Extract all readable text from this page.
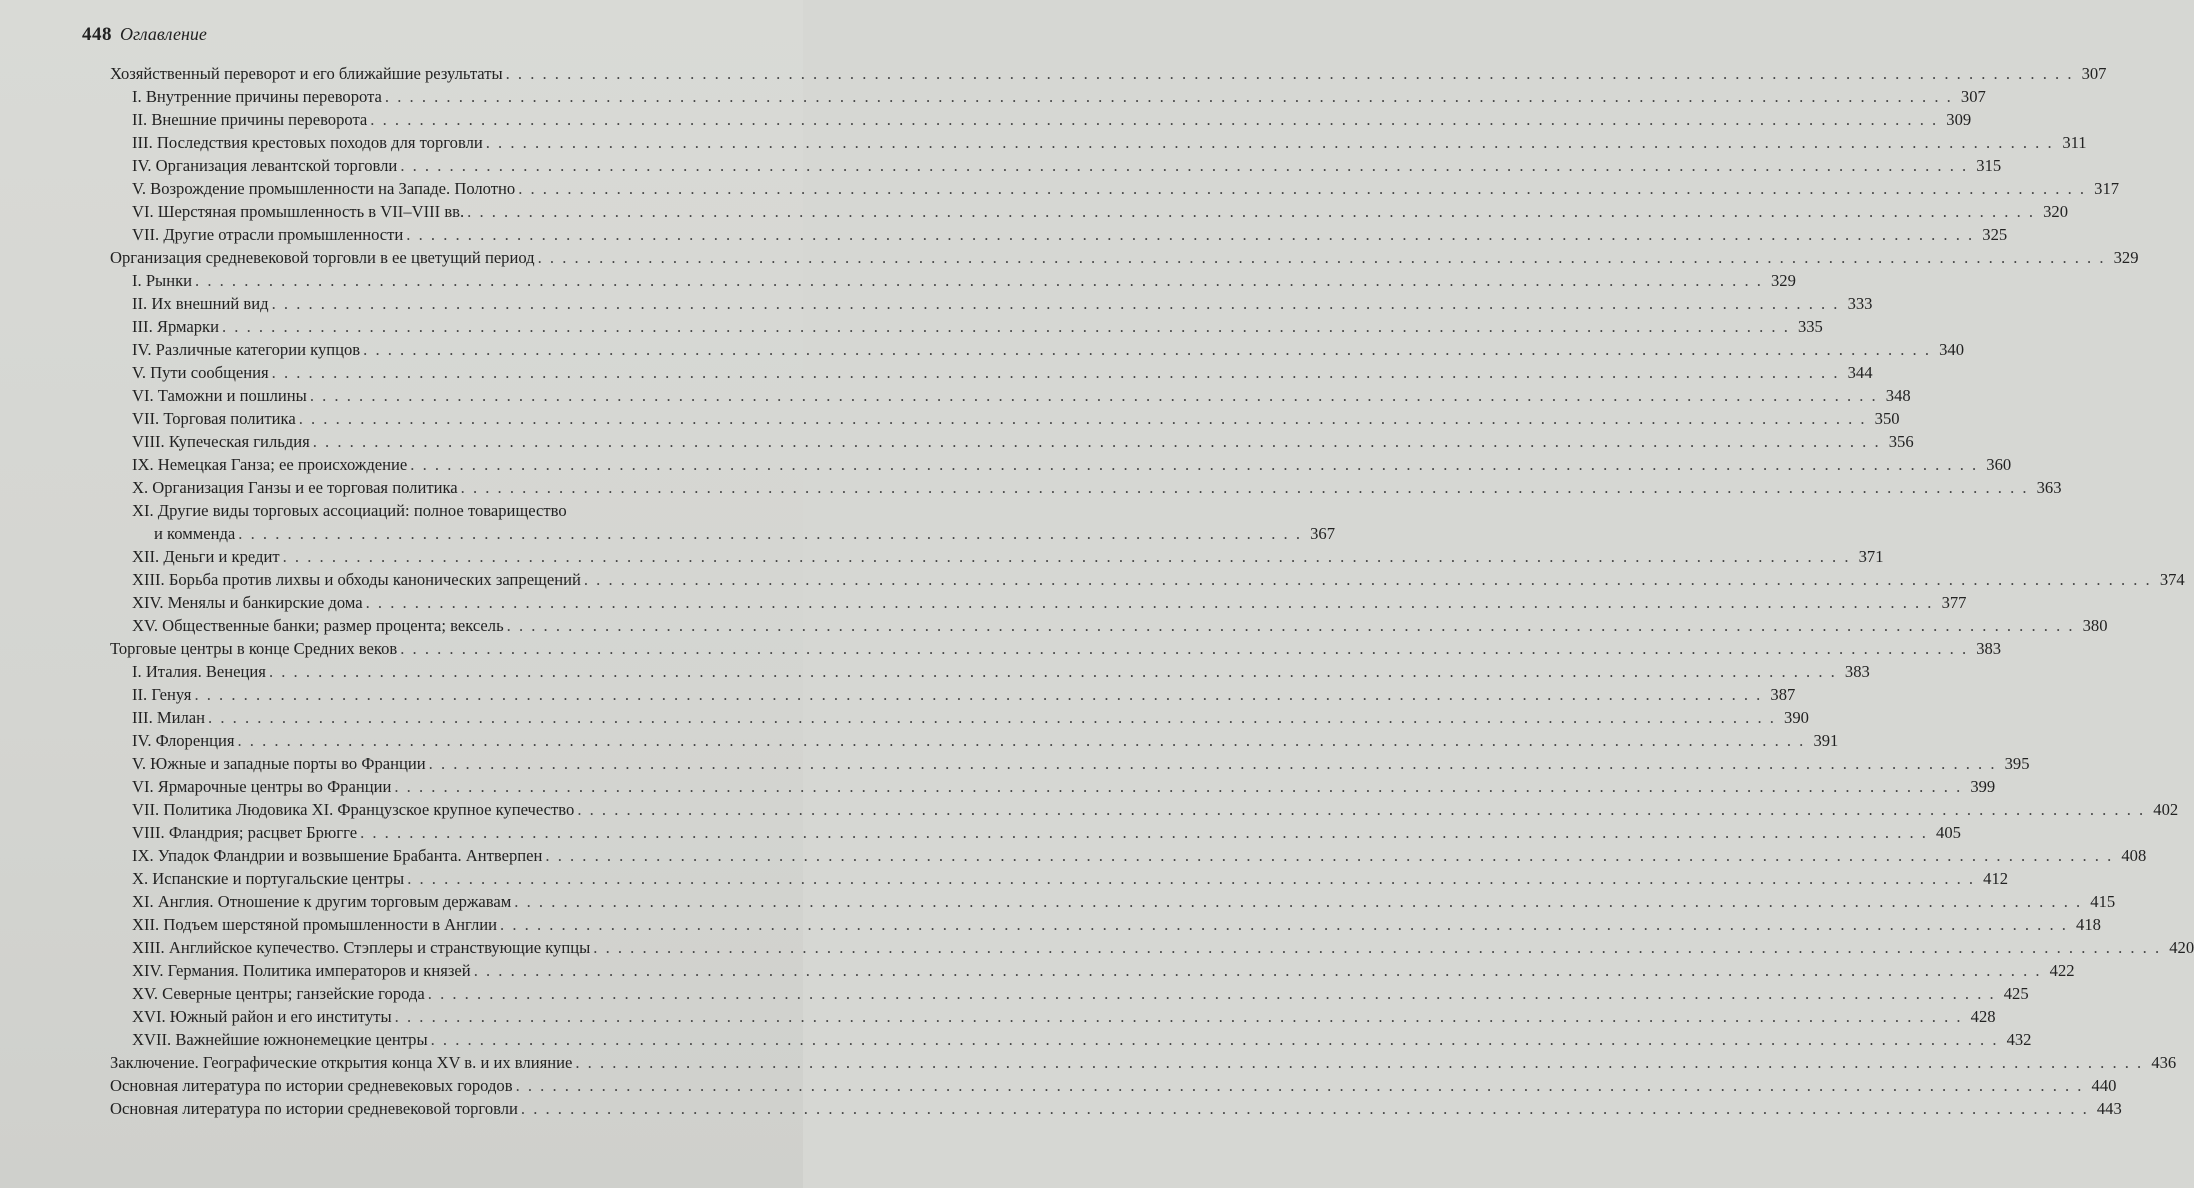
448 Оглавление
Хозяйственный переворот и его ближайшие результаты . . .	307
I. Внутренние причины переворота . . .	307
II. Внешние причины переворота . . .	309
III. Последствия крестовых походов для торговли . . .	311
IV. Организация левантской торговли . . .	315
V. Возрождение промышленности на Западе. Полотно . . .	317
VI. Шерстяная промышленность в VII–VIII вв. . . .	320
VII. Другие отрасли промышленности . . .	325
Организация средневековой торговли в ее цветущий период . . .	329
I. Рынки . . .	329
II. Их внешний вид . . .	333
III. Ярмарки . . .	335
IV. Различные категории купцов . . .	340
V. Пути сообщения . . .	344
VI. Таможни и пошлины . . .	348
VII. Торговая политика . . .	350
VIII. Купеческая гильдия . . .	356
IX. Немецкая Ганза; ее происхождение . . .	360
X. Организация Ганзы и ее торговая политика . . .	363
XI. Другие виды торговых ассоциаций: полное товарищество
и коммендa . . .	367
XII. Деньги и кредит . . .	371
XIII. Борьба против лихвы и обходы канонических запрещений . . .	374
XIV. Менялы и банкирские дома . . .	377
XV. Общественные банки; размер процента; вексель . . .	380
Торговые центры в конце Средних веков . . .	383
I. Италия. Венеция . . .	383
II. Генуя . . .	387
III. Милан . . .	390
IV. Флоренция . . .	391
V. Южные и западные порты во Франции . . .	395
VI. Ярмарочные центры во Франции . . .	399
VII. Политика Людовика XI. Французское крупное купечество . . .	402
VIII. Фландрия; расцвет Брюгге . . .	405
IX. Упадок Фландрии и возвышение Брабанта. Антверпен . . .	408
X. Испанские и португальские центры . . .	412
XI. Англия. Отношение к другим торговым державам . . .	415
XII. Подъем шерстяной промышленности в Англии . . .	418
XIII. Английское купечество. Стэплеры и странствующие купцы . . .	420
XIV. Германия. Политика императоров и князей . . .	422
XV. Северные центры; ганзейские города . . .	425
XVI. Южный район и его институты . . .	428
XVII. Важнейшие южнонемецкие центры . . .	432
Заключение. Географические открытия конца XV в. и их влияние . . .	436
Основная литература по истории средневековых городов . . .	440
Основная литература по истории средневековой торговли . . .	443
